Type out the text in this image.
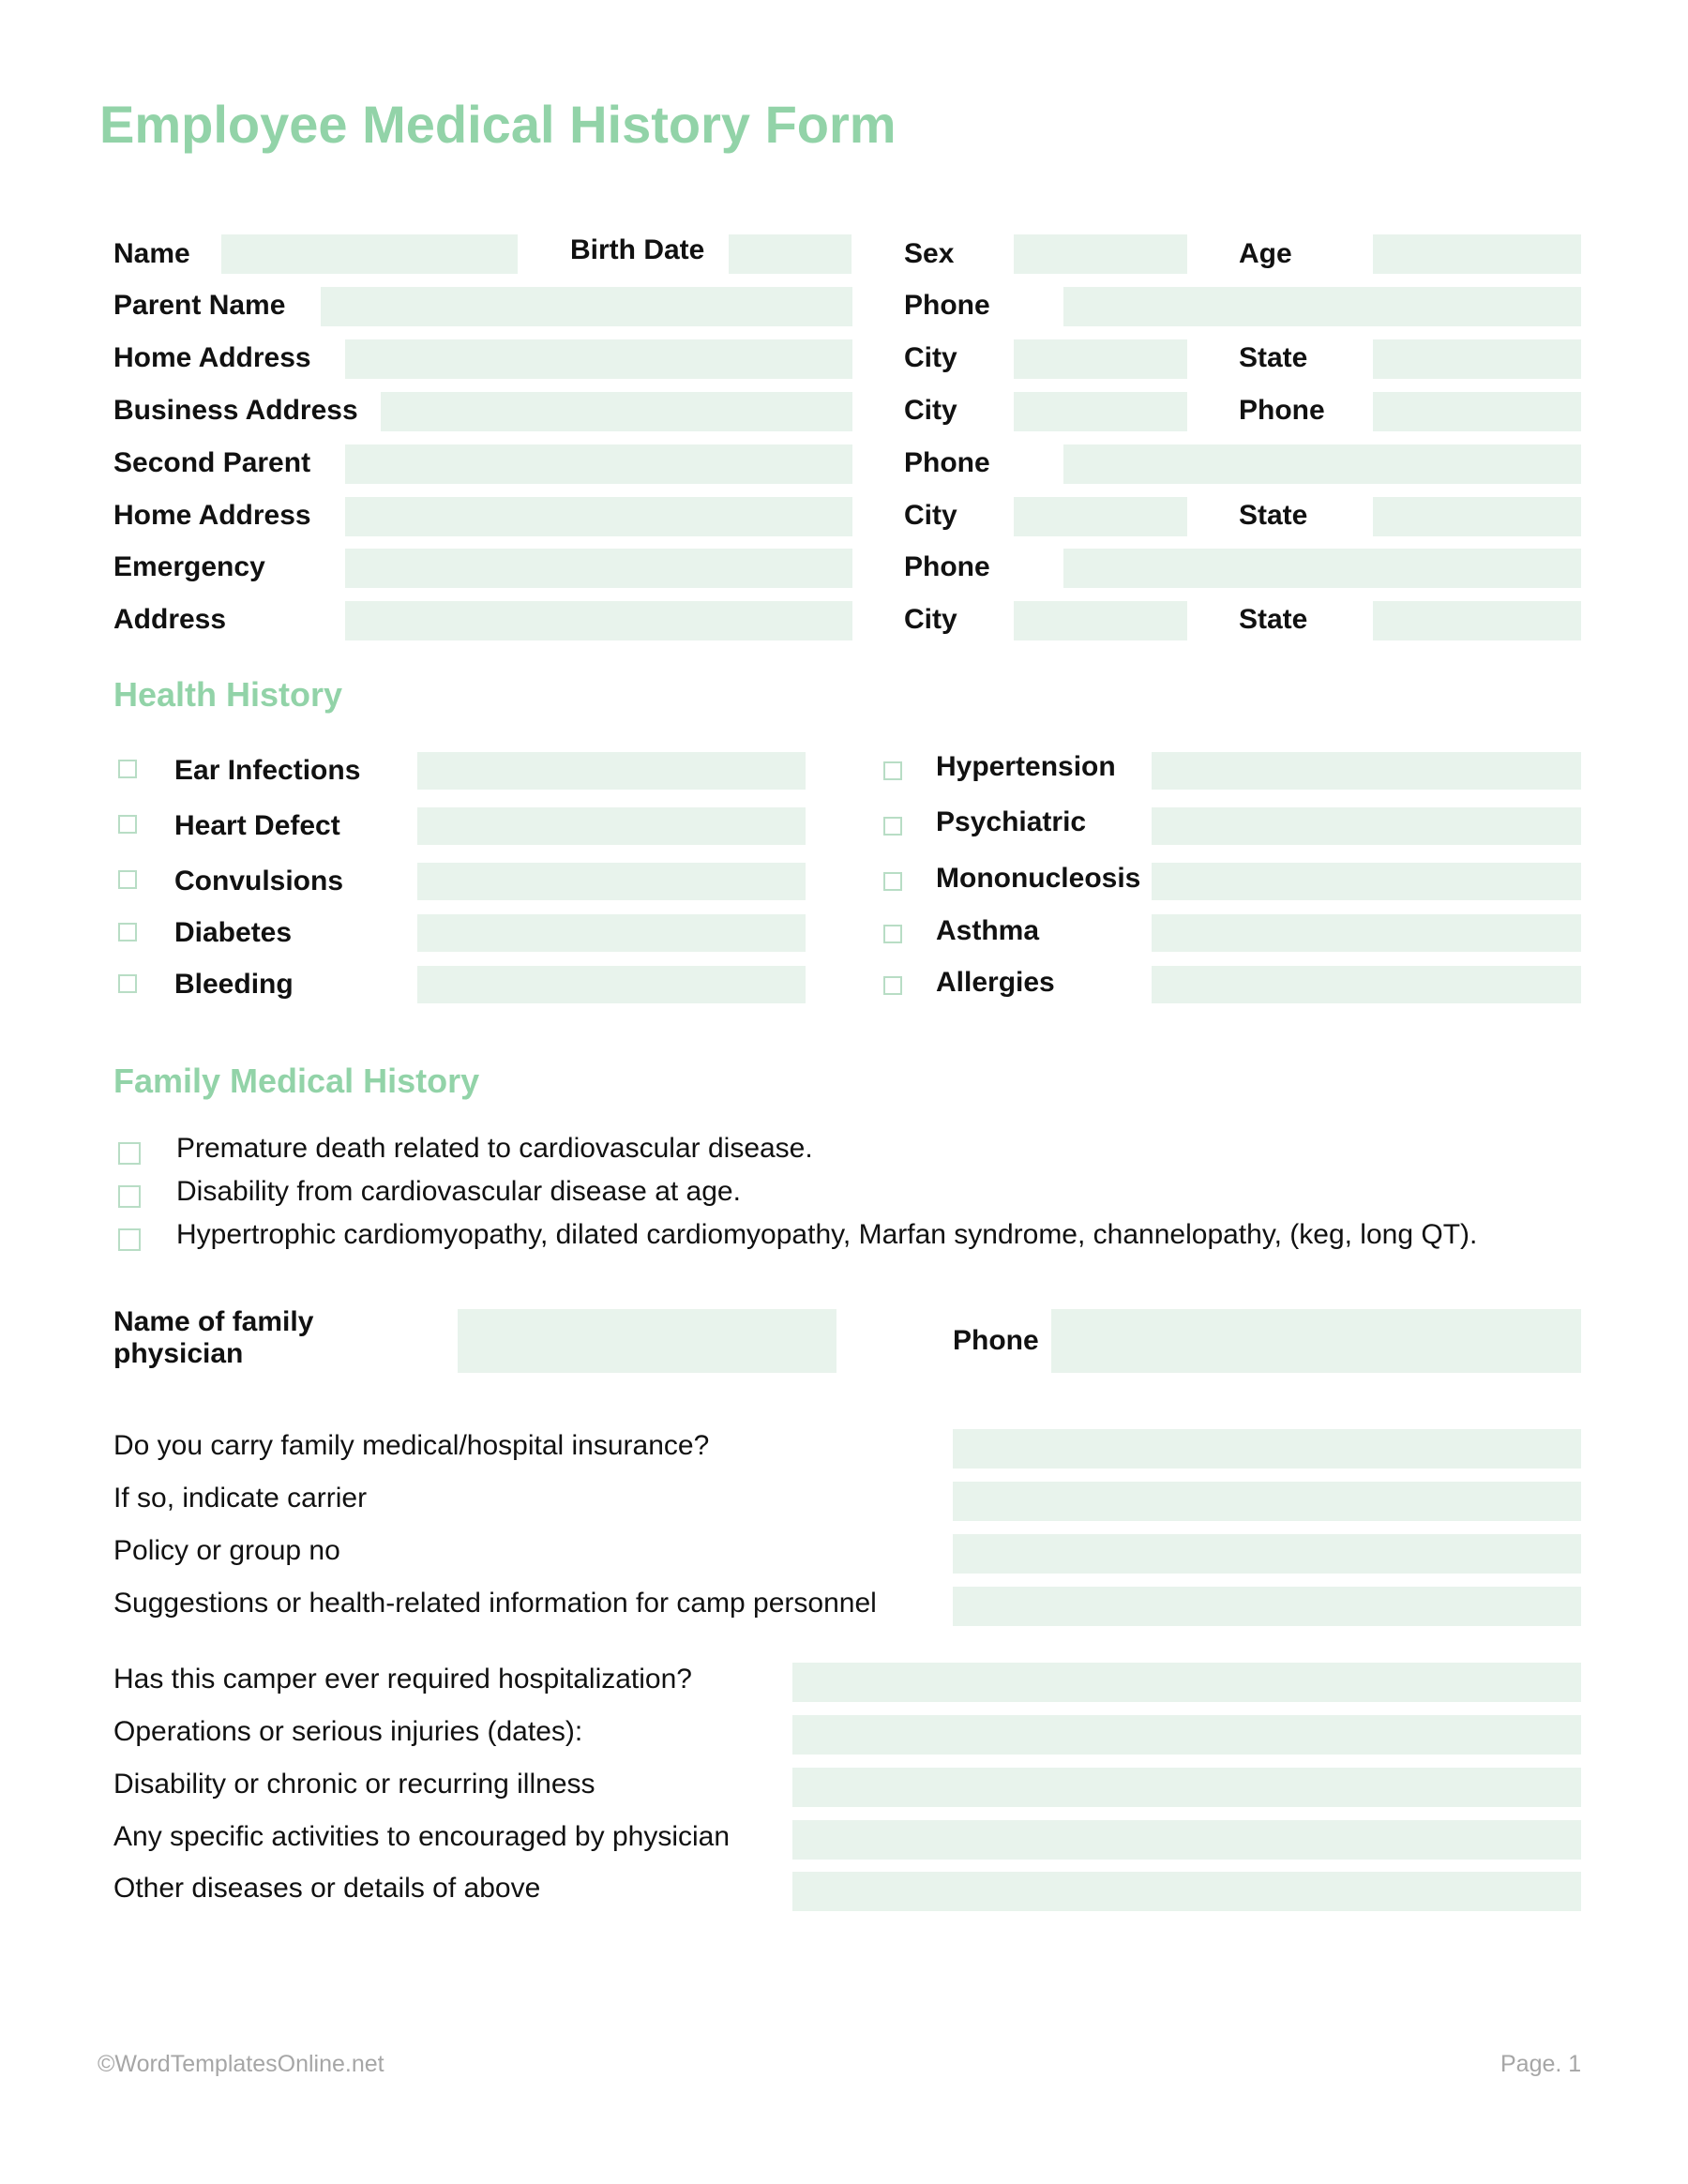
Employee Medical History Form
Name	Birth Date	Sex	Age
Parent Name	Phone
Home Address	City	State
Business Address	City	Phone
Second Parent	Phone
Home Address	City	State
Emergency	Phone
Address	City	State
Health History
Ear Infections	Hypertension
Heart Defect	Psychiatric
Convulsions	Mononucleosis
Diabetes	Asthma
Bleeding	Allergies
Family Medical History
Premature death related to cardiovascular disease.
Disability from cardiovascular disease at age.
Hypertrophic cardiomyopathy, dilated cardiomyopathy, Marfan syndrome, channelopathy, (keg, long QT).
Name of family
physician	Phone
Do you carry family medical/hospital insurance?
If so, indicate carrier
Policy or group no
Suggestions or health-related information for camp personnel
Has this camper ever required hospitalization?
Operations or serious injuries (dates):
Disability or chronic or recurring illness
Any specific activities to encouraged by physician
Other diseases or details of above
©WordTemplatesOnline.net	Page. 1
